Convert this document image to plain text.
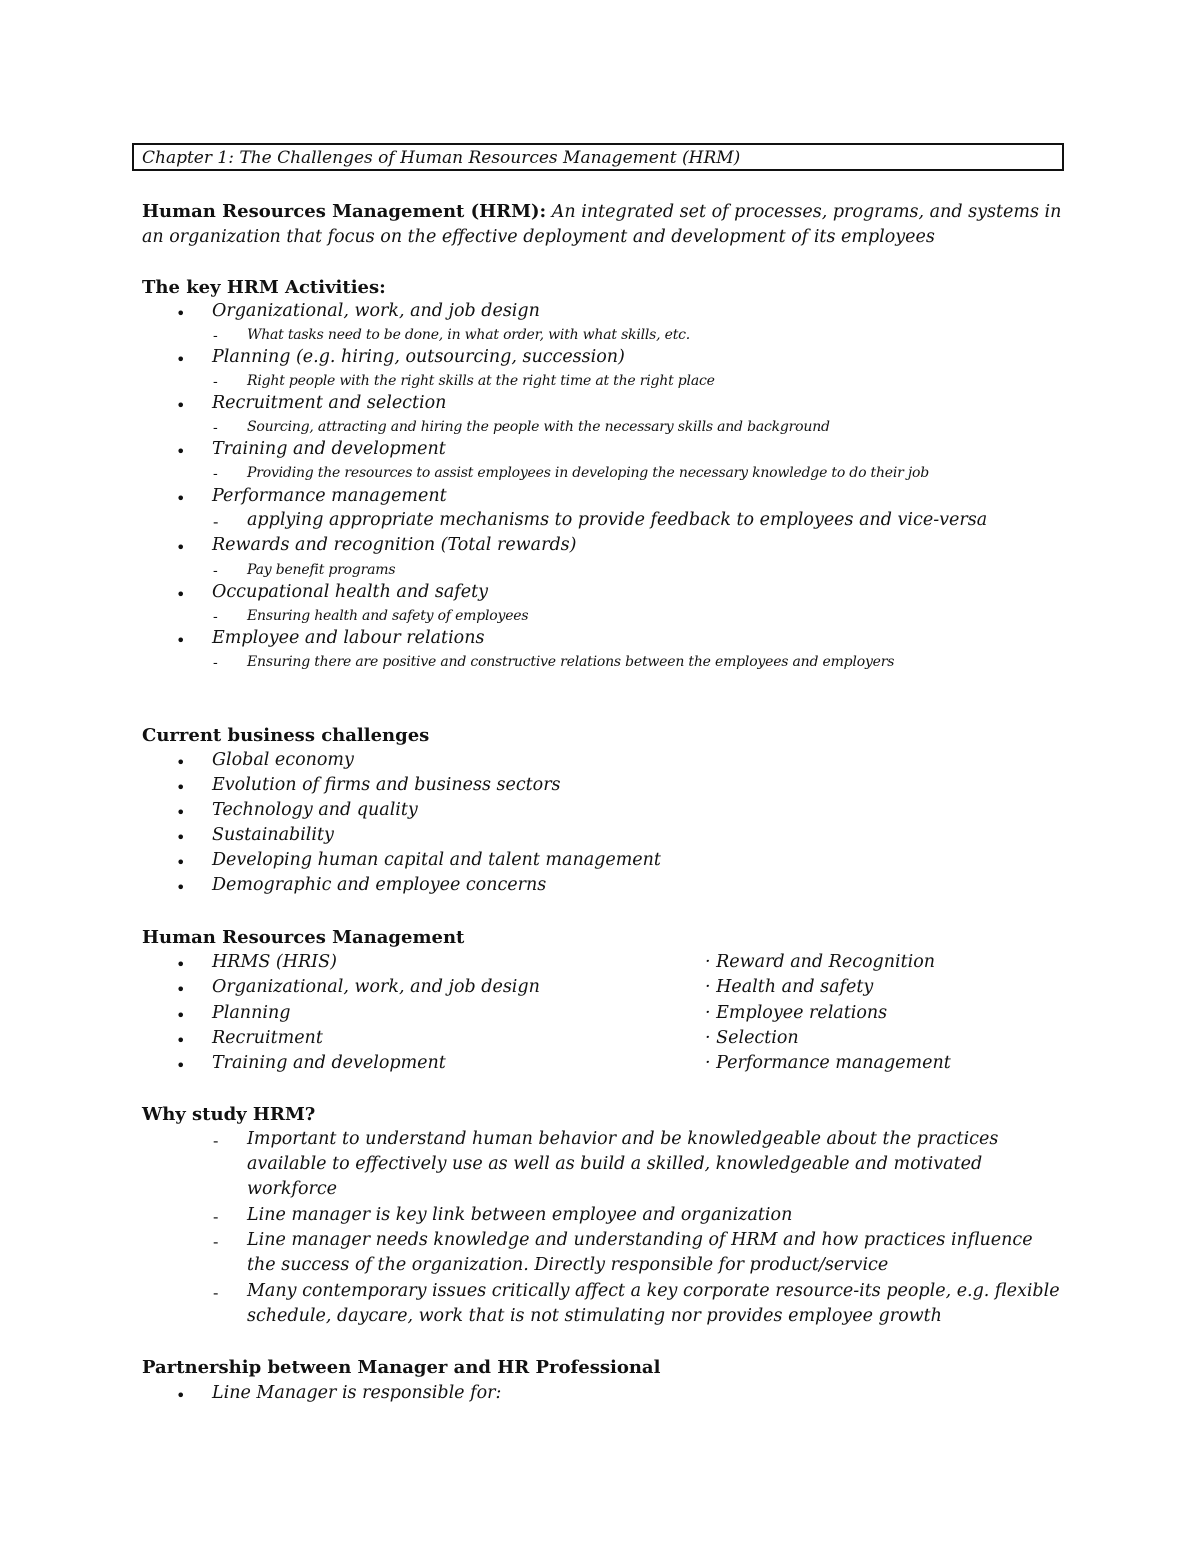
Chapter 1: The Challenges of Human Resources Management (HRM)
Human Resources Management (HRM): An integrated set of processes, programs, and systems in
an organization that focus on the effective deployment and development of its employees
The key HRM Activities:
• Organizational, work, and job design
- What tasks need to be done, in what order, with what skills, etc.
• Planning (e.g. hiring, outsourcing, succession)
- Right people with the right skills at the right time at the right place
• Recruitment and selection
- Sourcing, attracting and hiring the people with the necessary skills and background
• Training and development
- Providing the resources to assist employees in developing the necessary knowledge to do their job
• Performance management
- applying appropriate mechanisms to provide feedback to employees and vice-versa
• Rewards and recognition (Total rewards)
- Pay benefit programs
• Occupational health and safety
- Ensuring health and safety of employees
• Employee and labour relations
- Ensuring there are positive and constructive relations between the employees and employers
Current business challenges
• Global economy
• Evolution of firms and business sectors
• Technology and quality
• Sustainability
• Developing human capital and talent management
• Demographic and employee concerns
Human Resources Management
• HRMS (HRIS)	· Reward and Recognition
• Organizational, work, and job design	· Health and safety
• Planning	· Employee relations
• Recruitment	· Selection
• Training and development	· Performance management
Why study HRM?
- Important to understand human behavior and be knowledgeable about the practices
available to effectively use as well as build a skilled, knowledgeable and motivated
workforce
- Line manager is key link between employee and organization
- Line manager needs knowledge and understanding of HRM and how practices influence
the success of the organization. Directly responsible for product/service
- Many contemporary issues critically affect a key corporate resource-its people, e.g. flexible
schedule, daycare, work that is not stimulating nor provides employee growth
Partnership between Manager and HR Professional
• Line Manager is responsible for:
